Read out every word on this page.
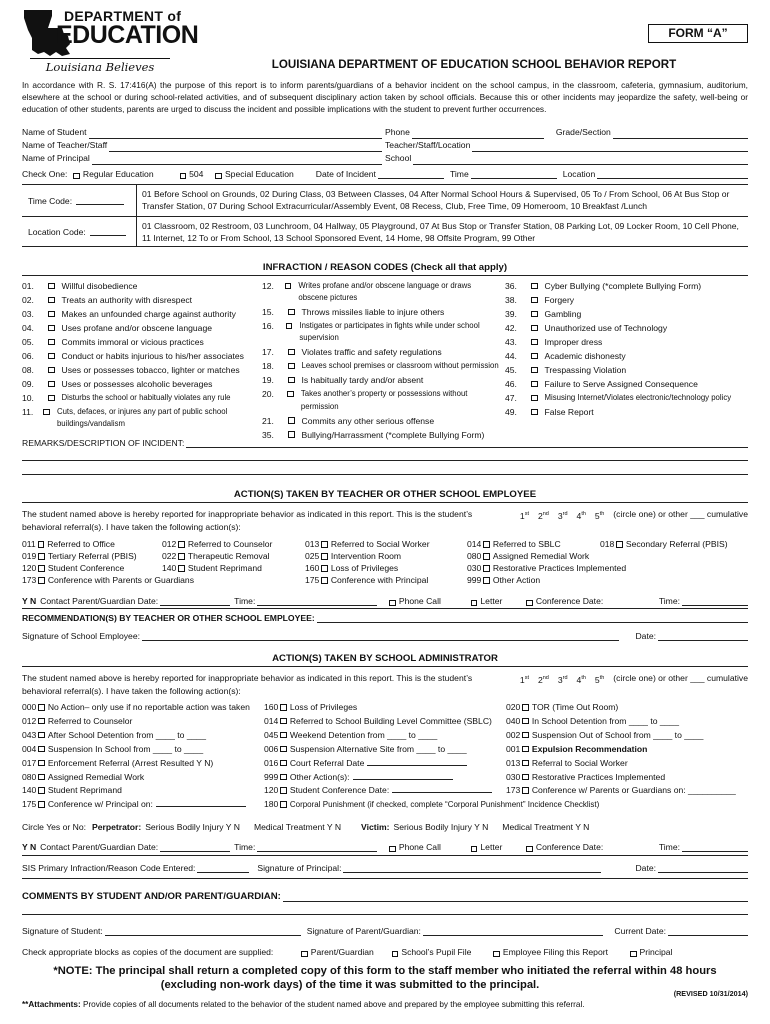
DEPARTMENT of
EDUCATION
Louisiana Believes
FORM “A”
LOUISIANA DEPARTMENT OF EDUCATION SCHOOL BEHAVIOR REPORT
In accordance with R. S. 17:416(A) the purpose of this report is to inform parents/guardians of a behavior incident on the school campus, in the classroom, cafeteria, gymnasium, auditorium, elsewhere at the school or during school-related activities, and of subsequent disciplinary action taken by school officials. Because this or other incidents may jeopardize the safety, well-being or education of other students, parents are urged to discuss the incident and possible implications with the student to prevent further occurrences.
Name of Student
Name of Teacher/Staff
Name of Principal
Phone	Grade/Section
Teacher/Staff/Location
School
Check One: Regular Education	504	Special Education	Date of Incident	Time	Location
Time Code:
01 Before School on Grounds, 02 During Class, 03 Between Classes, 04 After Normal School Hours & Supervised, 05 To / From School, 06 At Bus Stop or Transfer Station, 07 During School Extracurricular/Assembly Event, 08 Recess, Club, Free Time, 09 Homeroom, 10 Breakfast /Lunch
Location Code:
01 Classroom, 02 Restroom, 03 Lunchroom, 04 Hallway, 05 Playground, 07 At Bus Stop or Transfer Station, 08 Parking Lot, 09 Locker Room, 10 Cell Phone, 11 Internet, 12 To or From School, 13 School Sponsored Event, 14 Home, 98 Offsite Program, 99 Other
INFRACTION / REASON CODES (Check all that apply)
01.	Willful disobedience
02.	Treats an authority with disrespect
03.	Makes an unfounded charge against authority
04.	Uses profane and/or obscene language
05.	Commits immoral or vicious practices
06.	Conduct or habits injurious to his/her associates
08.	Uses or possesses tobacco, lighter or matches
09.	Uses or possesses alcoholic beverages
10.	Disturbs the school or habitually violates any rule
11.	Cuts, defaces, or injures any part of public school buildings/vandalism
12.	Writes profane and/or obscene language or draws obscene pictures
15.	Throws missiles liable to injure others
16.	Instigates or participates in fights while under school supervision
17.	Violates traffic and safety regulations
18.	Leaves school premises or classroom without permission
19.	Is habitually tardy and/or absent
20.	Takes another’s property or possessions without permission
21.	Commits any other serious offense
35.	Bullying/Harrassment (*complete Bullying Form)
36.	Cyber Bullying (*complete Bullying Form)
38.	Forgery
39.	Gambling
42.	Unauthorized use of Technology
43.	Improper dress
44.	Academic dishonesty
45.	Trespassing Violation
46.	Failure to Serve Assigned Consequence
47.	Misusing Internet/Violates electronic/technology policy
49.	False Report
REMARKS/DESCRIPTION OF INCIDENT:
ACTION(S) TAKEN BY TEACHER OR OTHER SCHOOL EMPLOYEE
The student named above is hereby reported for inappropriate behavior as indicated in this report. This is the student’s	1st 2nd 3rd 4th 5th (circle one) or other ___ cumulative
behavioral referral(s). I have taken the following action(s):
011 Referred to Office
019 Tertiary Referral (PBIS)
120 Student Conference
173 Conference with Parents or Guardians
012 Referred to Counselor
022 Therapeutic Removal
140 Student Reprimand
013 Referred to Social Worker
025 Intervention Room
160 Loss of Privileges
175 Conference with Principal
014 Referred to SBLC
080 Assigned Remedial Work
030 Restorative Practices Implemented
999 Other Action
018 Secondary Referral (PBIS)
Y N Contact Parent/Guardian Date:	Time:	Phone Call	Letter	Conference Date:	Time:
RECOMMENDATION(S) BY TEACHER OR OTHER SCHOOL EMPLOYEE:
Signature of School Employee:	Date:
ACTION(S) TAKEN BY SCHOOL ADMINISTRATOR
The student named above is hereby reported for inappropriate behavior as indicated in this report. This is the student’s	1st 2nd 3rd 4th 5th (circle one) or other ___ cumulative
behavioral referral(s). I have taken the following action(s):
000 No Action– only use if no reportable action was taken
012 Referred to Counselor
043 After School Detention from ____ to ____
004 Suspension In School from ____ to ____
017 Enforcement Referral (Arrest Resulted Y N)
080 Assigned Remedial Work
140 Student Reprimand
175 Conference w/ Principal on:
160 Loss of Privileges
014 Referred to School Building Level Committee (SBLC)
045 Weekend Detention from ____ to ____
006 Suspension Alternative Site from ____ to ____
016 Court Referral Date
999 Other Action(s):
120 Student Conference Date:
180 Corporal Punishment (if checked, complete “Corporal Punishment” Incidence Checklist)
020 TOR (Time Out Room)
040 In School Detention from ____ to ____
002 Suspension Out of School from ____ to ____
001 Expulsion Recommendation
013 Referral to Social Worker
030 Restorative Practices Implemented
173 Conference w/ Parents or Guardians on: __________
Circle Yes or No: Perpetrator: Serious Bodily Injury Y N Medical Treatment Y N Victim: Serious Bodily Injury Y N Medical Treatment Y N
Y N Contact Parent/Guardian Date:	Time:	Phone Call	Letter	Conference Date:	Time:
SIS Primary Infraction/Reason Code Entered:	Signature of Principal:	Date:
COMMENTS BY STUDENT AND/OR PARENT/GUARDIAN:
Signature of Student:	Signature of Parent/Guardian:	Current Date:
Check appropriate blocks as copies of the document are supplied:	Parent/Guardian	School’s Pupil File	Employee Filing this Report	Principal
*NOTE: The principal shall return a completed copy of this form to the staff member who initiated the referral within 48 hours
(excluding non-work days) of the time it was submitted to the principal.
(REVISED 10/31/2014)
**Attachments: Provide copies of all documents related to the behavior of the student named above and prepared by the employee submitting this referral.
